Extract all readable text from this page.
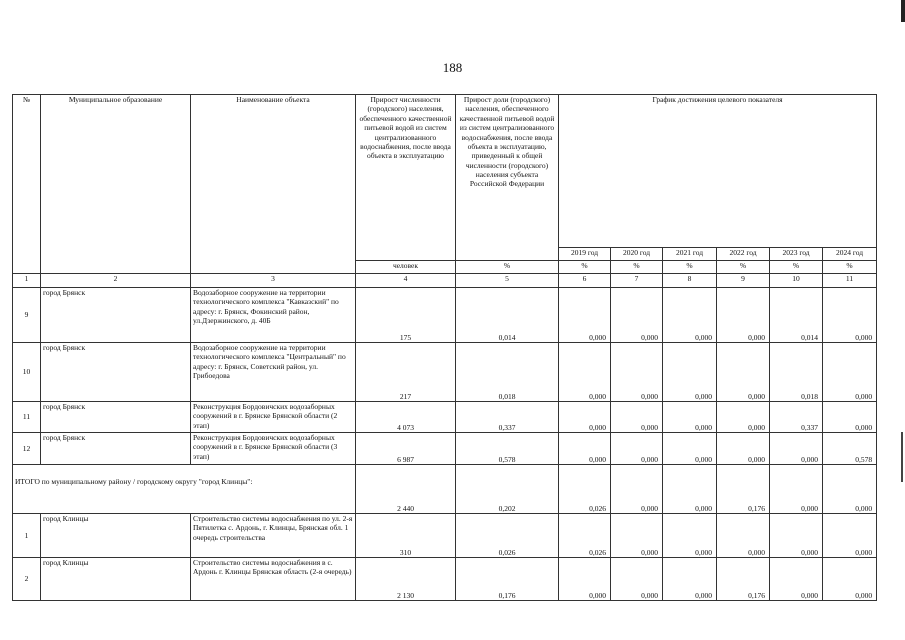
188
№	Муниципальное образование	Наименование объекта	Прирост численности (городского) населения, обеспеченного качественной питьевой водой из систем централизованного водоснабжения, после ввода объекта в эксплуатацию	Прирост доли (городского) населения, обеспеченного качественной питьевой водой из систем централизованного водоснабжения, после ввода объекта в эксплуатацию, приведенный к общей численности (городского) населения субъекта Российской Федерации	График достижения целевого показателя					
					2019 год	2020 год	2021 год	2022 год	2023 год	2024 год
			человек	%	%	%	%	%	%	%
1	2	3	4	5	6	7	8	9	10	11
9	город Брянск	Водозаборное сооружение на территории технологического комплекса "Кавказский" по адресу: г. Брянск, Фокинский район, ул.Дзержинского, д. 40Б	175	0,014	0,000	0,000	0,000	0,000	0,014	0,000
10	город Брянск	Водозаборное сооружение на территории технологического комплекса "Центральный" по адресу: г. Брянск, Советский район, ул. Грибоедова	217	0,018	0,000	0,000	0,000	0,000	0,018	0,000
11	город Брянск	Реконструкция Бордовичских водозаборных сооружений в г. Брянске Брянской области (2 этап)	4 073	0,337	0,000	0,000	0,000	0,000	0,337	0,000
12	город Брянск	Реконструкция Бордовичских водозаборных сооружений в г. Брянске Брянской области (3 этап)	6 987	0,578	0,000	0,000	0,000	0,000	0,000	0,578
ИТОГО по муниципальному району / городскому округу "город Клинцы":			2 440	0,202	0,026	0,000	0,000	0,176	0,000	0,000
1	город Клинцы	Строительство системы водоснабжения по ул. 2-я Пятилетка с. Ардонь, г. Клинцы, Брянская обл. 1 очередь строительства	310	0,026	0,026	0,000	0,000	0,000	0,000	0,000
2	город Клинцы	Строительство системы водоснабжения в с. Ардонь г. Клинцы Брянская область (2-я очередь)	2 130	0,176	0,000	0,000	0,000	0,176	0,000	0,000
